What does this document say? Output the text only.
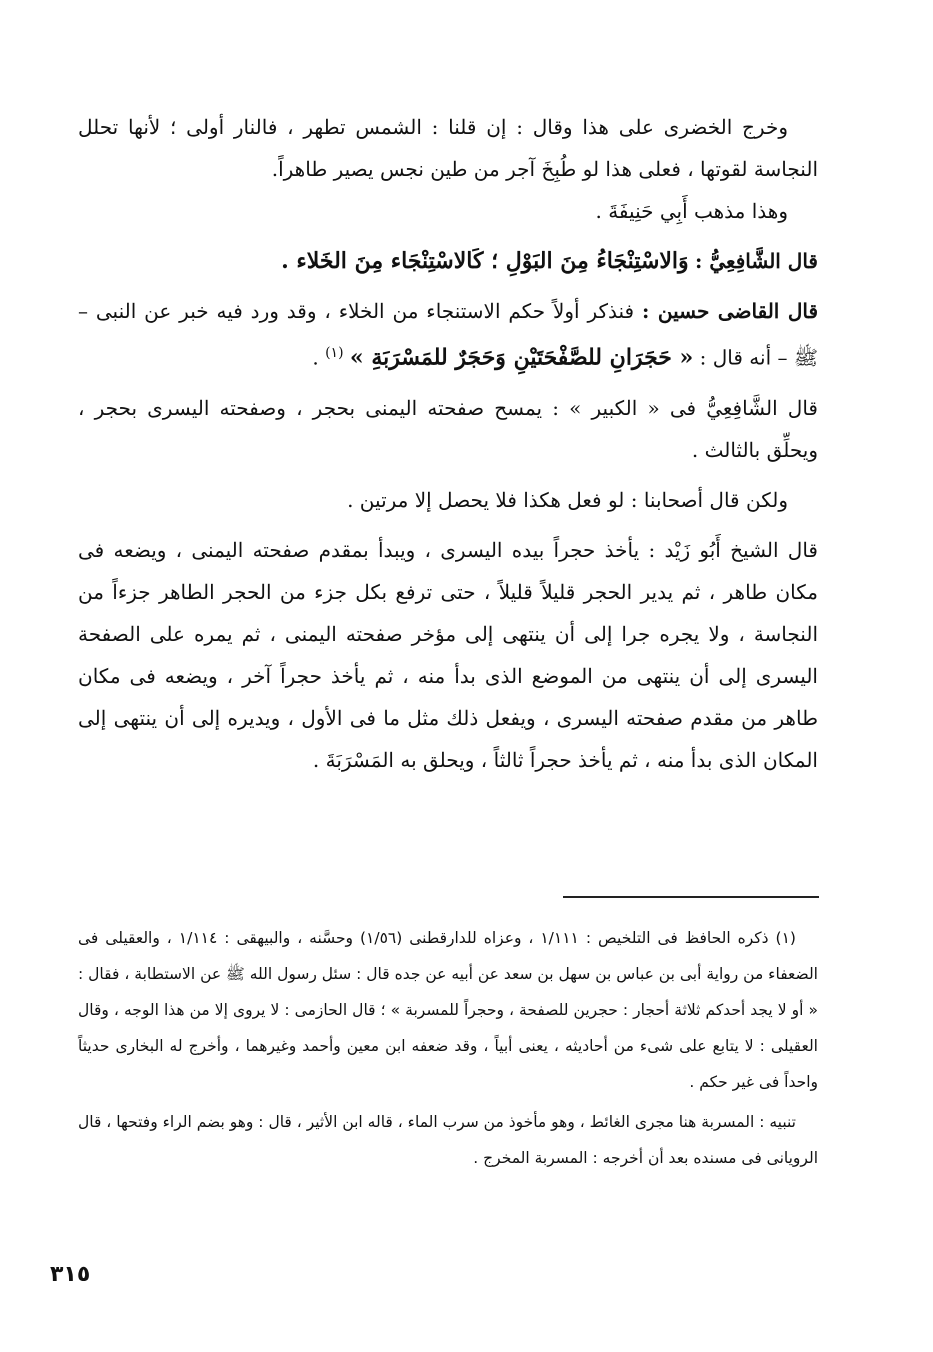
وخرج الخضرى على هذا وقال : إن قلنا : الشمس تطهر ، فالنار أولى ؛ لأنها تحلل النجاسة لقوتها ، فعلى هذا لو طُبِخَ آجر من طين نجس يصير طاهراً.

وهذا مذهب أَبِي حَنِيفَةَ .

قال الشَّافِعِيُّ : وَالاسْتِنْجَاءُ مِنَ البَوْلِ ؛ كَالاسْتِنْجَاء مِنَ الخَلاء .

قال القاضى حسين : فنذكر أولاً حكم الاستنجاء من الخلاء ، وقد ورد فيه خبر عن النبى – ﷺ – أنه قال : « حَجَرَانِ للصَّفْحَتَيْنِ وَحَجَرٌ للمَسْرَبَةِ » $^{(١)}$ .

قال الشَّافِعِيُّ فى « الكبير » : يمسح صفحته اليمنى بحجر ، وصفحته اليسرى بحجر ، ويحلِّق بالثالث .

ولكن قال أصحابنا : لو فعل هكذا فلا يحصل إلا مرتين .

قال الشيخ أَبُو زَيْد : يأخذ حجراً بيده اليسرى ، ويبدأ بمقدم صفحته اليمنى ، ويضعه فى مكان طاهر ، ثم يدير الحجر قليلاً قليلاً ، حتى ترفع بكل جزء من الحجر الطاهر جزءاً من النجاسة ، ولا يجره جرا إلى أن ينتهى إلى مؤخر صفحته اليمنى ، ثم يمره على الصفحة اليسرى إلى أن ينتهى من الموضع الذى بدأ منه ، ثم يأخذ حجراً آخر ، ويضعه فى مكان طاهر من مقدم صفحته اليسرى ، ويفعل ذلك مثل ما فى الأول ، ويديره إلى أن ينتهى إلى المكان الذى بدأ منه ، ثم يأخذ حجراً ثالثاً ، ويحلق به المَسْرَبَةَ .

(١) ذكره الحافظ فى التلخيص : ١/١١١ ، وعزاه للدارقطنى (١/٥٦) وحسَّنه ، والبيهقى : ١/١١٤ ، والعقيلى فى الضعفاء من رواية أبى بن عباس بن سهل بن سعد عن أبيه عن جده قال : سئل رسول الله ﷺ عن الاستطابة ، فقال : « أو لا يجد أحدكم ثلاثة أحجار : حجرين للصفحة ، وحجراً للمسربة » ؛ قال الحازمى : لا يروى إلا من هذا الوجه ، وقال العقيلى : لا يتابع على شىء من أحاديثه ، يعنى أبياً ، وقد ضعفه ابن معين وأحمد وغيرهما ، وأخرج له البخارى حديثاً واحداً فى غير حكم .

تنبيه : المسربة هنا مجرى الغائط ، وهو مأخوذ من سرب الماء ، قاله ابن الأثير ، قال : وهو بضم الراء وفتحها ، قال الرويانى فى مسنده بعد أن أخرجه : المسربة المخرج .

٣١٥
